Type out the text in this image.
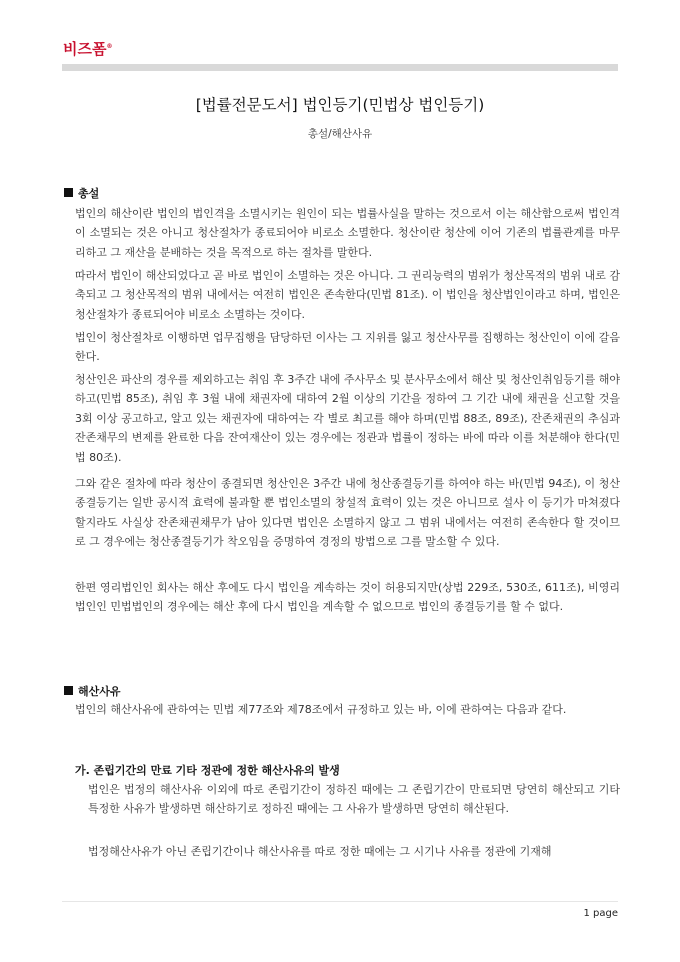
비즈폼®
[법률전문도서] 법인등기(민법상 법인등기)
총설/해산사유
총설

법인의 해산이란 법인의 법인격을 소멸시키는 원인이 되는 법률사실을 말하는 것으로서 이는 해산함으로써 법인격이 소멸되는 것은 아니고 청산절차가 종료되어야 비로소 소멸한다. 청산이란 청산에 이어 기존의 법률관계를 마무리하고 그 재산을 분배하는 것을 목적으로 하는 절차를 말한다.

따라서 법인이 해산되었다고 곧 바로 법인이 소멸하는 것은 아니다. 그 권리능력의 범위가 청산목적의 범위 내로 감축되고 그 청산목적의 범위 내에서는 여전히 법인은 존속한다(민법 81조). 이 법인을 청산법인이라고 하며, 법인은 청산절차가 종료되어야 비로소 소멸하는 것이다.

법인이 청산절차로 이행하면 업무집행을 담당하던 이사는 그 지위를 잃고 청산사무를 집행하는 청산인이 이에 갈음한다.

청산인은 파산의 경우를 제외하고는 취임 후 3주간 내에 주사무소 및 분사무소에서 해산 및 청산인취임등기를 해야 하고(민법 85조), 취임 후 3월 내에 채권자에 대하여 2월 이상의 기간을 정하여 그 기간 내에 채권을 신고할 것을 3회 이상 공고하고, 알고 있는 채권자에 대하여는 각 별로 최고를 해야 하며(민법 88조, 89조), 잔존채권의 추심과 잔존채무의 변제를 완료한 다음 잔여재산이 있는 경우에는 정관과 법률이 정하는 바에 따라 이를 처분해야 한다(민법 80조).

그와 같은 절차에 따라 청산이 종결되면 청산인은 3주간 내에 청산종결등기를 하여야 하는 바(민법 94조), 이 청산종결등기는 일반 공시적 효력에 불과할 뿐 법인소멸의 창설적 효력이 있는 것은 아니므로 설사 이 등기가 마쳐졌다 할지라도 사실상 잔존채권채무가 남아 있다면 법인은 소멸하지 않고 그 범위 내에서는 여전히 존속한다 할 것이므로 그 경우에는 청산종결등기가 착오임을 증명하여 경정의 방법으로 그를 말소할 수 있다.

한편 영리법인인 회사는 해산 후에도 다시 법인을 계속하는 것이 허용되지만(상법 229조, 530조, 611조), 비영리법인인 민법법인의 경우에는 해산 후에 다시 법인을 계속할 수 없으므로 법인의 종결등기를 할 수 없다.

해산사유

법인의 해산사유에 관하여는 민법 제77조와 제78조에서 규정하고 있는 바, 이에 관하여는 다음과 같다.

가. 존립기간의 만료 기타 정관에 정한 해산사유의 발생

법인은 법정의 해산사유 이외에 따로 존립기간이 정하진 때에는 그 존립기간이 만료되면 당연히 해산되고 기타 특정한 사유가 발생하면 해산하기로 정하진 때에는 그 사유가 발생하면 당연히 해산된다.

법정해산사유가 아닌 존립기간이나 해산사유를 따로 정한 때에는 그 시기나 사유를 정관에 기재해

1 page
